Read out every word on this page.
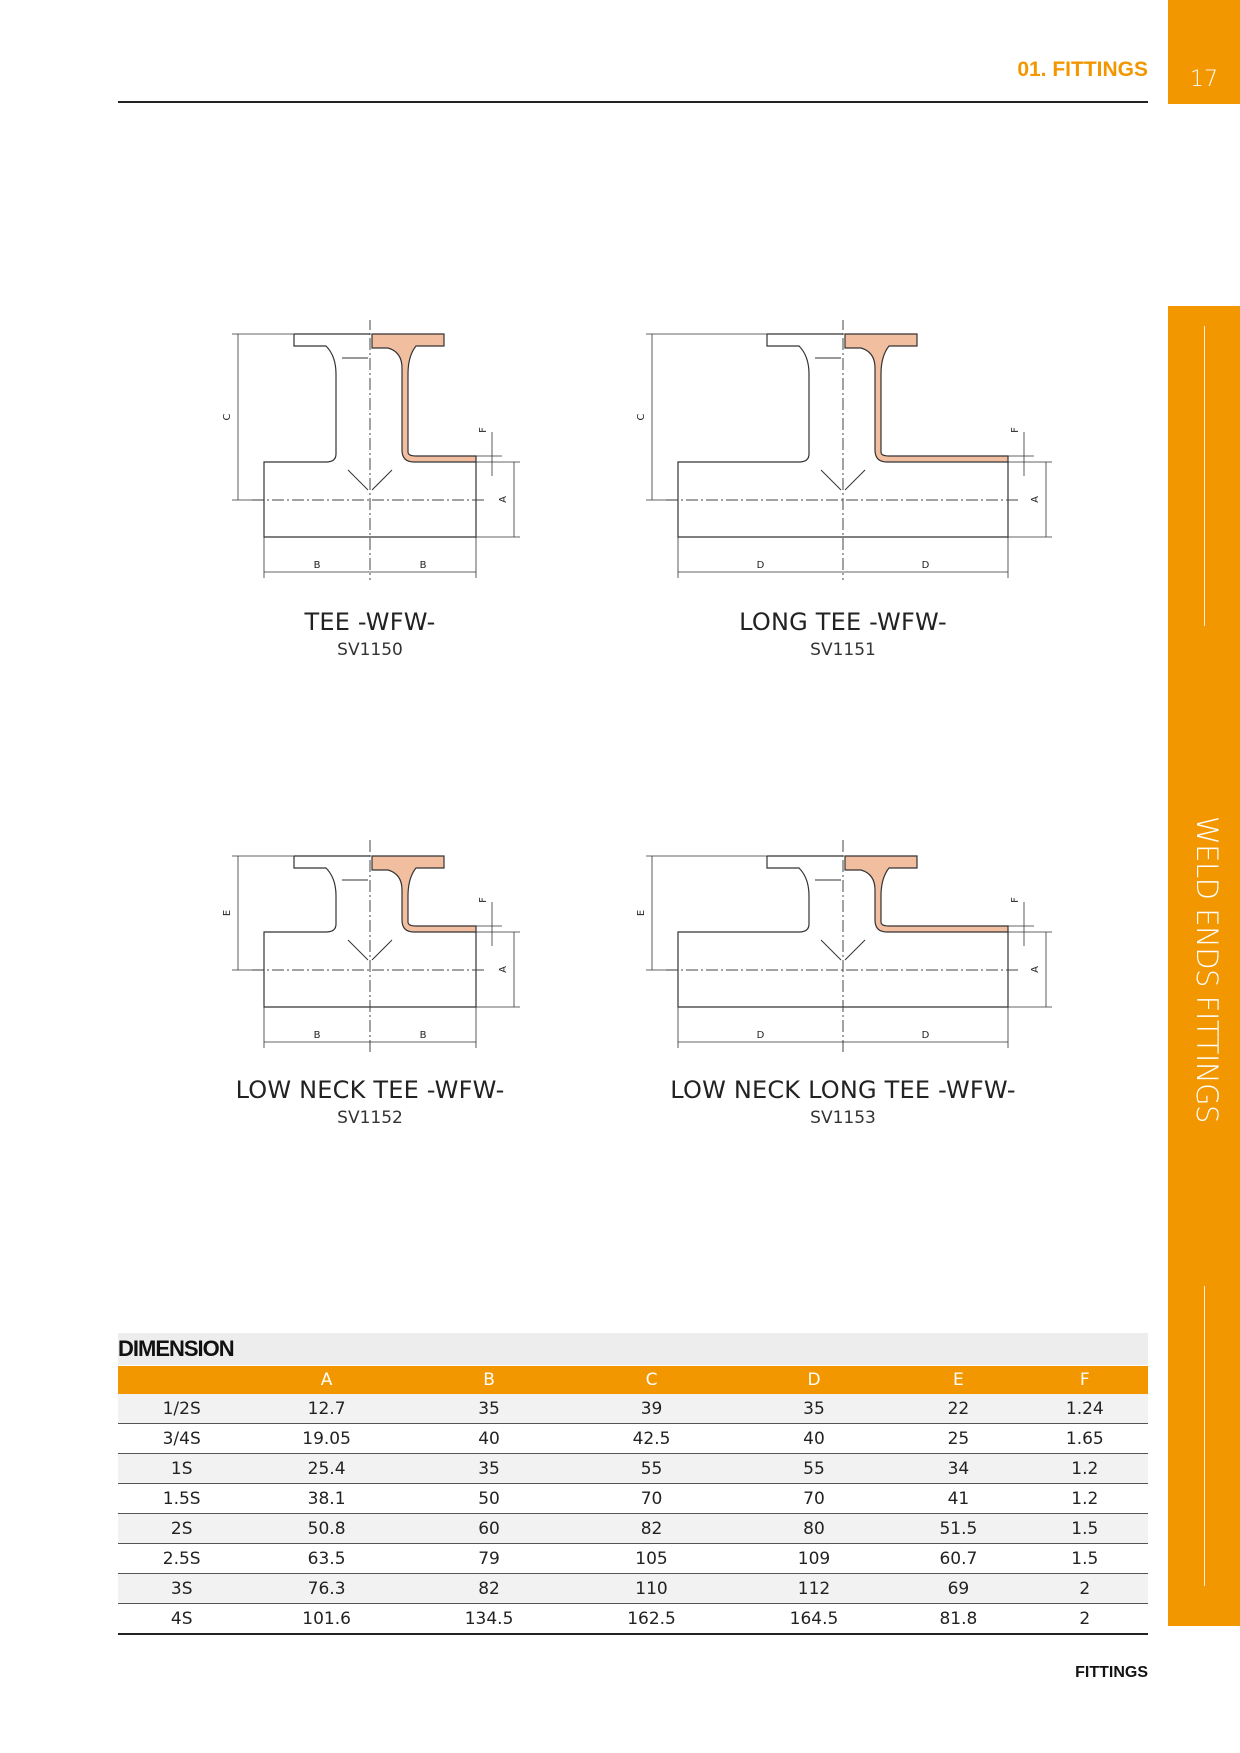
17
WELD ENDS FITTINGS
01. FITTINGS
C
A
F
B	B
C
A
F
D	D
E
A
F
B	B
E
A
F
D	D
TEE -WFW-
SV1150
LONG TEE -WFW-
SV1151
LOW NECK TEE -WFW-
SV1152
LOW NECK LONG TEE -WFW-
SV1153
DIMENSION
	A	B	C	D	E	F
1/2S	12.7	35	39	35	22	1.24
3/4S	19.05	40	42.5	40	25	1.65
1S	25.4	35	55	55	34	1.2
1.5S	38.1	50	70	70	41	1.2
2S	50.8	60	82	80	51.5	1.5
2.5S	63.5	79	105	109	60.7	1.5
3S	76.3	82	110	112	69	2
4S	101.6	134.5	162.5	164.5	81.8	2
FITTINGS
